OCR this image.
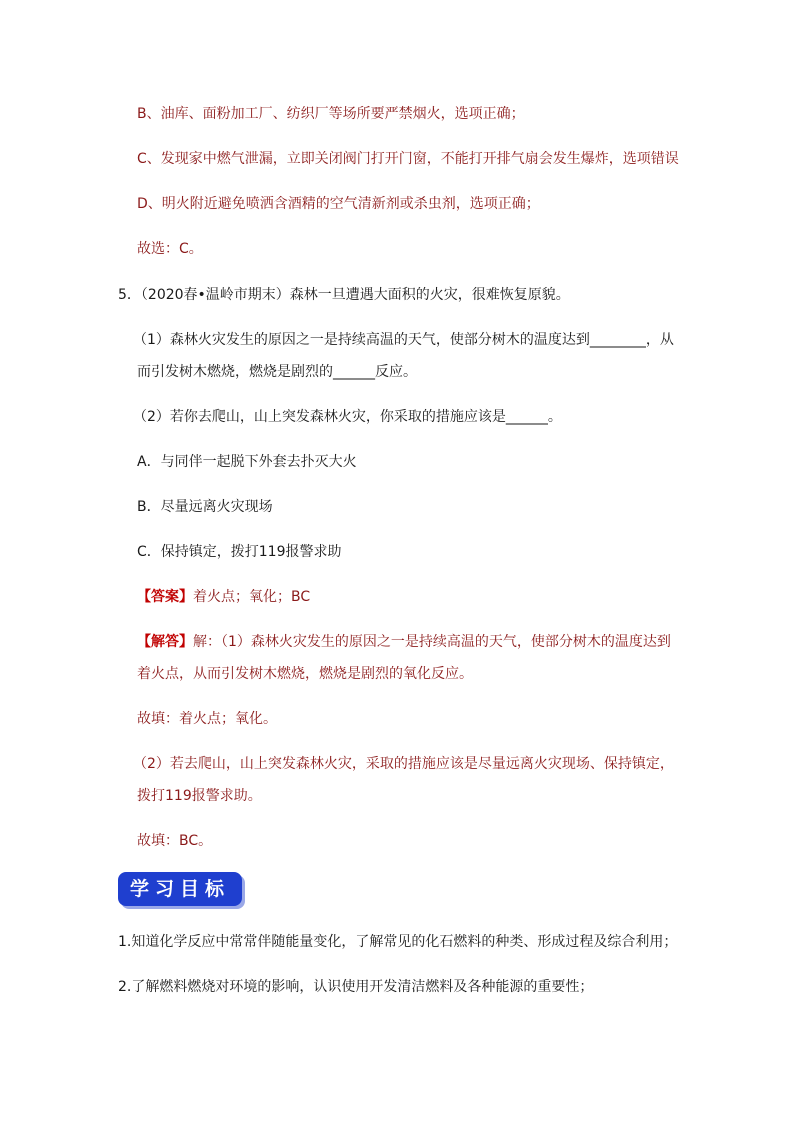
B、油库、面粉加工厂、纺织厂等场所要严禁烟火，选项正确；
C、发现家中燃气泄漏，立即关闭阀门打开门窗，不能打开排气扇会发生爆炸，选项错误
D、明火附近避免喷洒含酒精的空气清新剂或杀虫剂，选项正确；
故选：C。
5．（2020春•温岭市期末）森林一旦遭遇大面积的火灾，很难恢复原貌。
（1）森林火灾发生的原因之一是持续高温的天气，使部分树木的温度达到________，从
而引发树木燃烧，燃烧是剧烈的______反应。
（2）若你去爬山，山上突发森林火灾，你采取的措施应该是______。
A．与同伴一起脱下外套去扑灭大火
B．尽量远离火灾现场
C．保持镇定，拨打119报警求助
【答案】着火点；氧化；BC
【解答】解：（1）森林火灾发生的原因之一是持续高温的天气，使部分树木的温度达到
着火点，从而引发树木燃烧，燃烧是剧烈的氧化反应。
故填：着火点；氧化。
（2）若去爬山，山上突发森林火灾，采取的措施应该是尽量远离火灾现场、保持镇定，
拨打119报警求助。
故填：BC。
学习目标
1.知道化学反应中常常伴随能量变化，了解常见的化石燃料的种类、形成过程及综合利用；
2.了解燃料燃烧对环境的影响，认识使用开发清洁燃料及各种能源的重要性；
